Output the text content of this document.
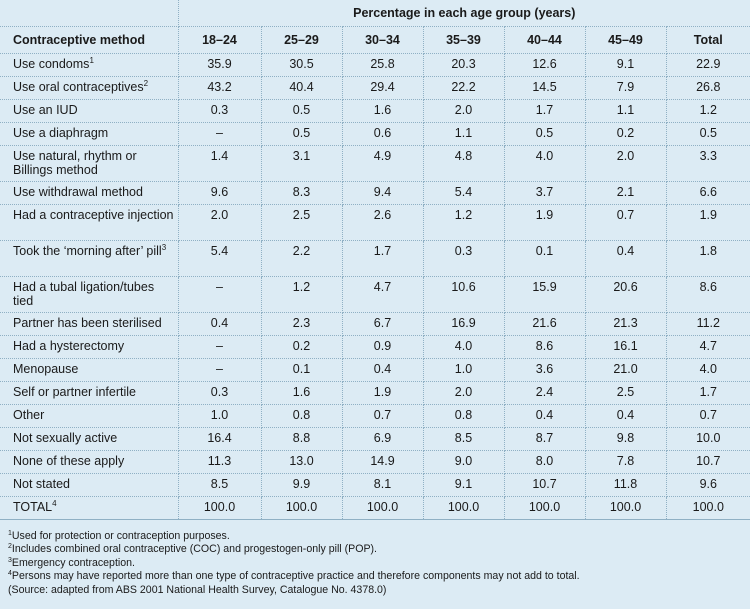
	Percentage in each age group (years)						
Contraceptive method	18–24	25–29	30–34	35–39	40–44	45–49	Total
Use condoms$^1$	35.9	30.5	25.8	20.3	12.6	9.1	22.9
Use oral contraceptives$^2$	43.2	40.4	29.4	22.2	14.5	7.9	26.8
Use an IUD	0.3	0.5	1.6	2.0	1.7	1.1	1.2
Use a diaphragm	–	0.5	0.6	1.1	0.5	0.2	0.5
Use natural, rhythm or Billings method	1.4	3.1	4.9	4.8	4.0	2.0	3.3
Use withdrawal method	9.6	8.3	9.4	5.4	3.7	2.1	6.6
Had a contraceptive injection	2.0	2.5	2.6	1.2	1.9	0.7	1.9
Took the ‘morning after’ pill$^3$	5.4	2.2	1.7	0.3	0.1	0.4	1.8
Had a tubal ligation/tubes tied	–	1.2	4.7	10.6	15.9	20.6	8.6
Partner has been sterilised	0.4	2.3	6.7	16.9	21.6	21.3	11.2
Had a hysterectomy	–	0.2	0.9	4.0	8.6	16.1	4.7
Menopause	–	0.1	0.4	1.0	3.6	21.0	4.0
Self or partner infertile	0.3	1.6	1.9	2.0	2.4	2.5	1.7
Other	1.0	0.8	0.7	0.8	0.4	0.4	0.7
Not sexually active	16.4	8.8	6.9	8.5	8.7	9.8	10.0
None of these apply	11.3	13.0	14.9	9.0	8.0	7.8	10.7
Not stated	8.5	9.9	8.1	9.1	10.7	11.8	9.6
TOTAL$^4$	100.0	100.0	100.0	100.0	100.0	100.0	100.0
$^1$Used for protection or contraception purposes.
$^2$Includes combined oral contraceptive (COC) and progestogen-only pill (POP).
$^3$Emergency contraception.
$^4$Persons may have reported more than one type of contraceptive practice and therefore components may not add to total.
(Source: adapted from ABS 2001 National Health Survey, Catalogue No. 4378.0)
